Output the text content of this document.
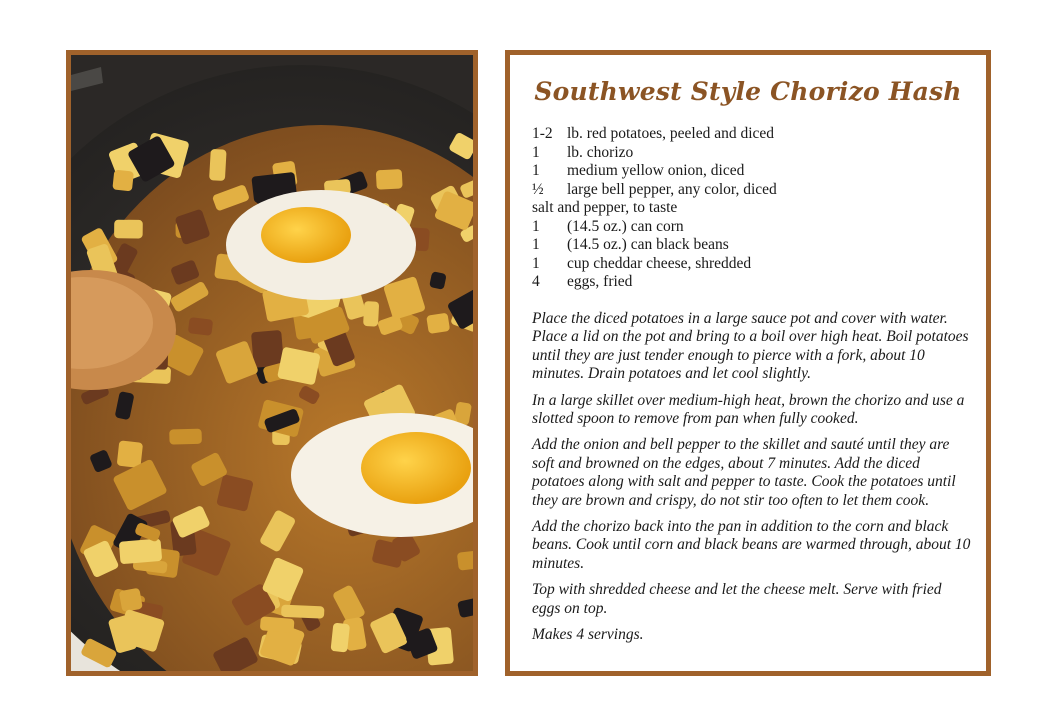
Southwest Style Chorizo Hash
1-2 lb. red potatoes, peeled and diced
1	lb. chorizo
1	medium yellow onion, diced
½	large bell pepper, any color, diced
salt and pepper, to taste
1	(14.5 oz.) can corn
1	(14.5 oz.) can black beans
1	cup cheddar cheese, shredded
4	eggs, fried

Place the diced potatoes in a large sauce pot and cover with water. Place a lid on the pot and bring to a boil over high heat. Boil potatoes until they are just tender enough to pierce with a fork, about 10 minutes. Drain potatoes and let cool slightly.

In a large skillet over medium-high heat, brown the chorizo and use a slotted spoon to remove from pan when fully cooked.

Add the onion and bell pepper to the skillet and sauté until they are soft and browned on the edges, about 7 minutes. Add the diced potatoes along with salt and pepper to taste. Cook the potatoes until they are brown and crispy, do not stir too often to let them cook.

Add the chorizo back into the pan in addition to the corn and black beans. Cook until corn and black beans are warmed through, about 10 minutes.

Top with shredded cheese and let the cheese melt. Serve with fried eggs on top.

Makes 4 servings.
